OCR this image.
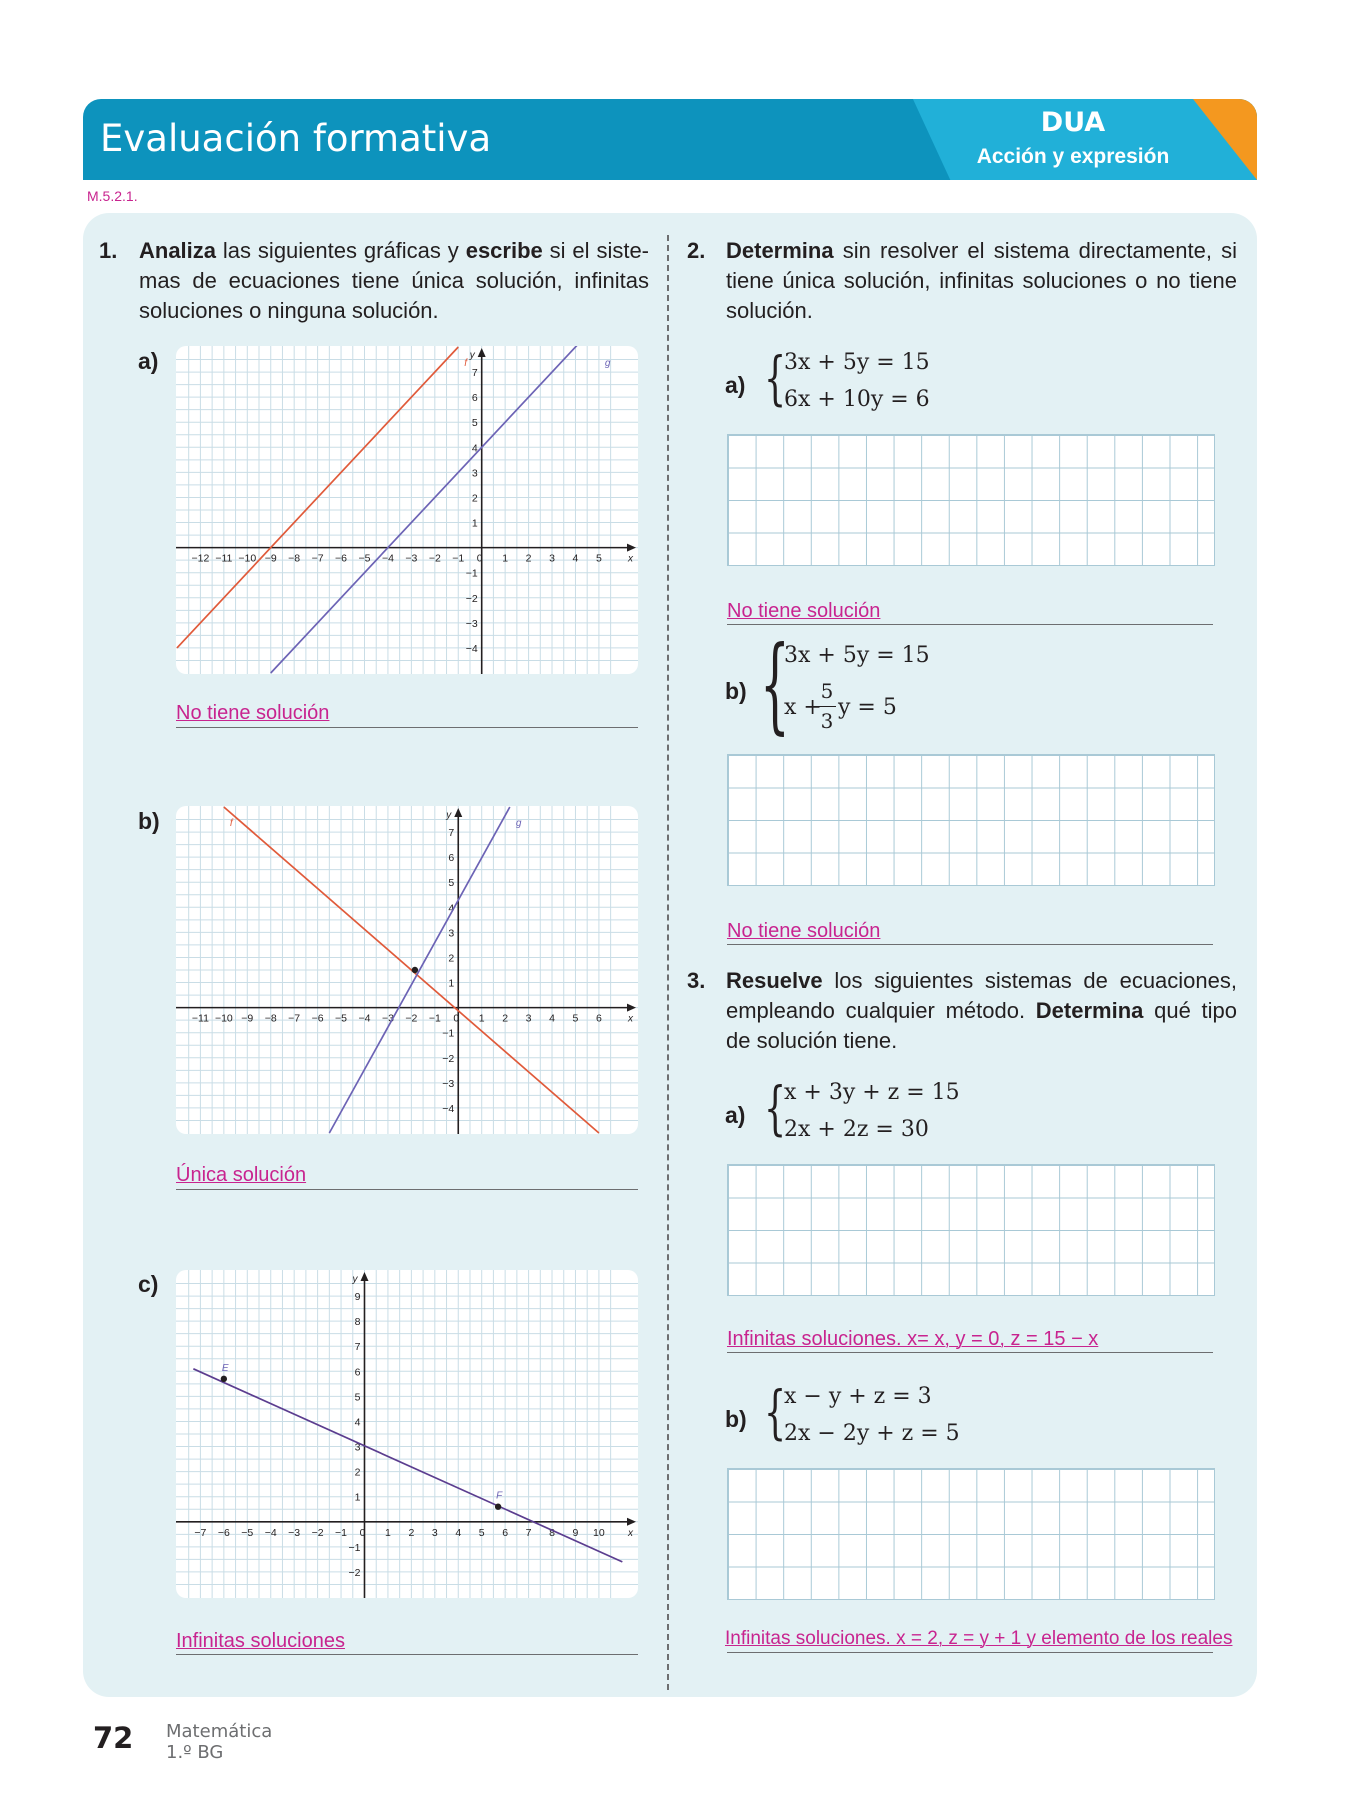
Evaluación formativa	DUA
Acción y expresión
M.5.2.1.
1. Analiza las siguientes gráficas y escribe si el siste- mas de ecuaciones tiene única solución, infinitas soluciones o ninguna solución.
a)
x
y
−12 −11 −10 −9 −8 −7 −6 −5 −4 −3 −2 −1 0 1 2 3 4 5
−4
−3
−2
−1
1
2
3
4
5
6
7
f	g
No tiene solución
b)
x
y
−11 −10 −9 −8 −7 −6 −5 −4 −3 −2 −1 0 1 2 3 4 5 6
−4
−3
−2
−1
1
2
3
4
5
6
7
f	g
Única solución
c)
x
y
−7 −6 −5 −4 −3 −2 −1 0 1 2 3 4 5 6 7 8 9 10
−2
−1
1
2
3
4
5
6
7
8
9
E
F
Infinitas soluciones
2. Determina sin resolver el sistema directamente, si tiene única solución, infinitas soluciones o no tiene solución.
a) {
3x + 5y = 15
6x + 10y = 6
No tiene solución
b) {
3x + 5y = 15
x +
5
3
y = 5
No tiene solución
3. Resuelve los siguientes sistemas de ecuaciones, empleando cualquier método. Determina qué tipo de solución tiene.
a) {
x + 3y + z = 15
2x + 2z = 30
Infinitas soluciones. x= x, y = 0, z = 15 − x
b) {
x − y + z = 3
2x − 2y + z = 5
Infinitas soluciones. x = 2, z = y + 1 y elemento de los reales
72 Matemática
1.º BG
